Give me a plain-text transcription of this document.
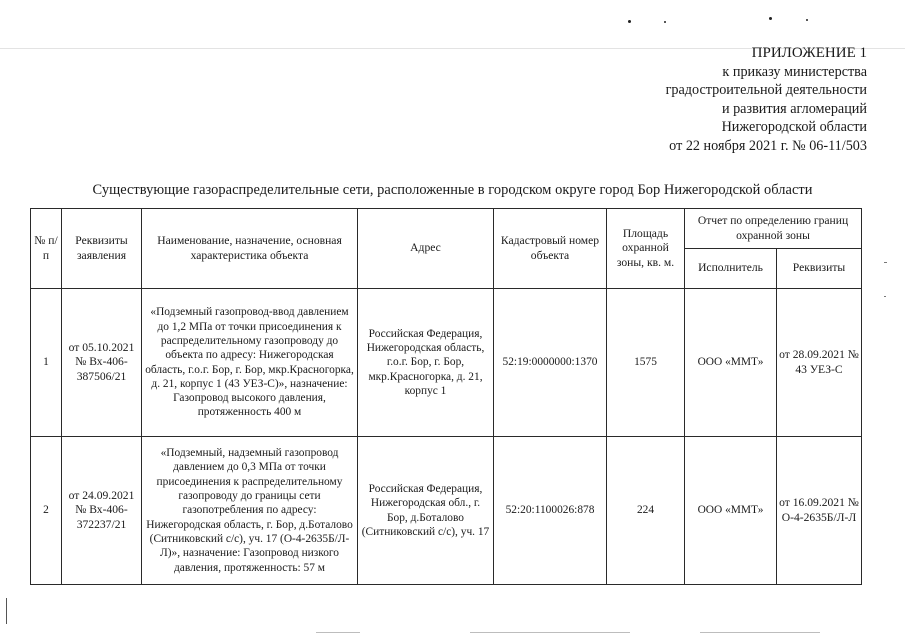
ПРИЛОЖЕНИЕ 1
к приказу министерства
градостроительной деятельности
и развития агломераций
Нижегородской области
от 22 ноября 2021 г. № 06-11/503
Существующие газораспределительные сети, расположенные в городском округе город Бор Нижегородской области
№ п/п	Реквизиты заявления	Наименование, назначение, основная характеристика объекта	Адрес	Кадастровый номер объекта	Площадь охранной зоны, кв. м.	Отчет по определению границ охранной зоны	
						Исполнитель	Реквизиты
1	от 05.10.2021 № Вх-406-387506/21	«Подземный газопровод-ввод давлением до 1,2 МПа от точки присоединения к распределительному газопроводу до объекта по адресу: Нижегородская область, г.о.г. Бор, г. Бор, мкр.Красногорка, д. 21, корпус 1 (43 УЕЗ-С)», назначение: Газопровод высокого давления, протяженность 400 м	Российская Федерация, Нижегородская область, г.о.г. Бор, г. Бор, мкр.Красногорка, д. 21, корпус 1	52:19:0000000:1370	1575	ООО «ММТ»	от 28.09.2021 № 43 УЕЗ-С
2	от 24.09.2021 № Вх-406-372237/21	«Подземный, надземный газопровод давлением до 0,3 МПа от точки присоединения к распределительному газопроводу до границы сети газопотребления по адресу: Нижегородская область, г. Бор, д.Боталово (Ситниковский с/с), уч. 17 (О-4-2635Б/Л-Л)», назначение: Газопровод низкого давления, протяженность: 57 м	Российская Федерация, Нижегородская обл., г. Бор, д.Боталово (Ситниковский с/с), уч. 17	52:20:1100026:878	224	ООО «ММТ»	от 16.09.2021 № О-4-2635Б/Л-Л
